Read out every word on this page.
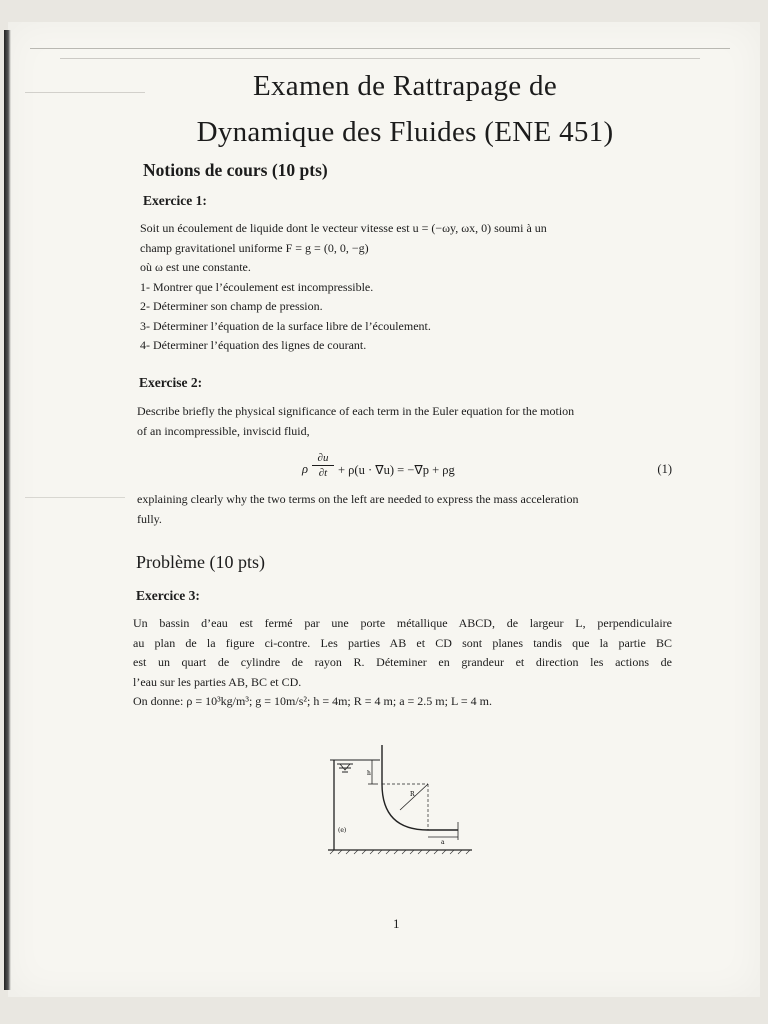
Examen de Rattrapage de
Dynamique des Fluides (ENE 451)
Notions de cours (10 pts)
Exercice 1:
Soit un écoulement de liquide dont le vecteur vitesse est u = (−ωy, ωx, 0) soumi à un
champ gravitationel uniforme F = g = (0, 0, −g)
où ω est une constante.
1- Montrer que l’écoulement est incompressible.
2- Déterminer son champ de pression.
3- Déterminer l’équation de la surface libre de l’écoulement.
4- Déterminer l’équation des lignes de courant.
Exercise 2:
Describe briefly the physical significance of each term in the Euler equation for the motion
of an incompressible, inviscid fluid,
ρ $\frac{\partial u}{\partial t} + \rho(u \cdot \nabla u) = -\nabla p + \rho g$	(1)
explaining clearly why the two terms on the left are needed to express the mass acceleration
fully.
Problème (10 pts)
Exercice 3:
Un bassin d’eau est fermé par une porte métallique ABCD, de largeur L, perpendiculaire
au plan de la figure ci-contre. Les parties AB et CD sont planes tandis que la partie BC
est un quart de cylindre de rayon R. Déteminer en grandeur et direction les actions de
l’eau sur les parties AB, BC et CD.
On donne: ρ = 10³kg/m³; g = 10m/s²; h = 4m; R = 4 m; a = 2.5 m; L = 4 m.
h
R
a
(e)
1
